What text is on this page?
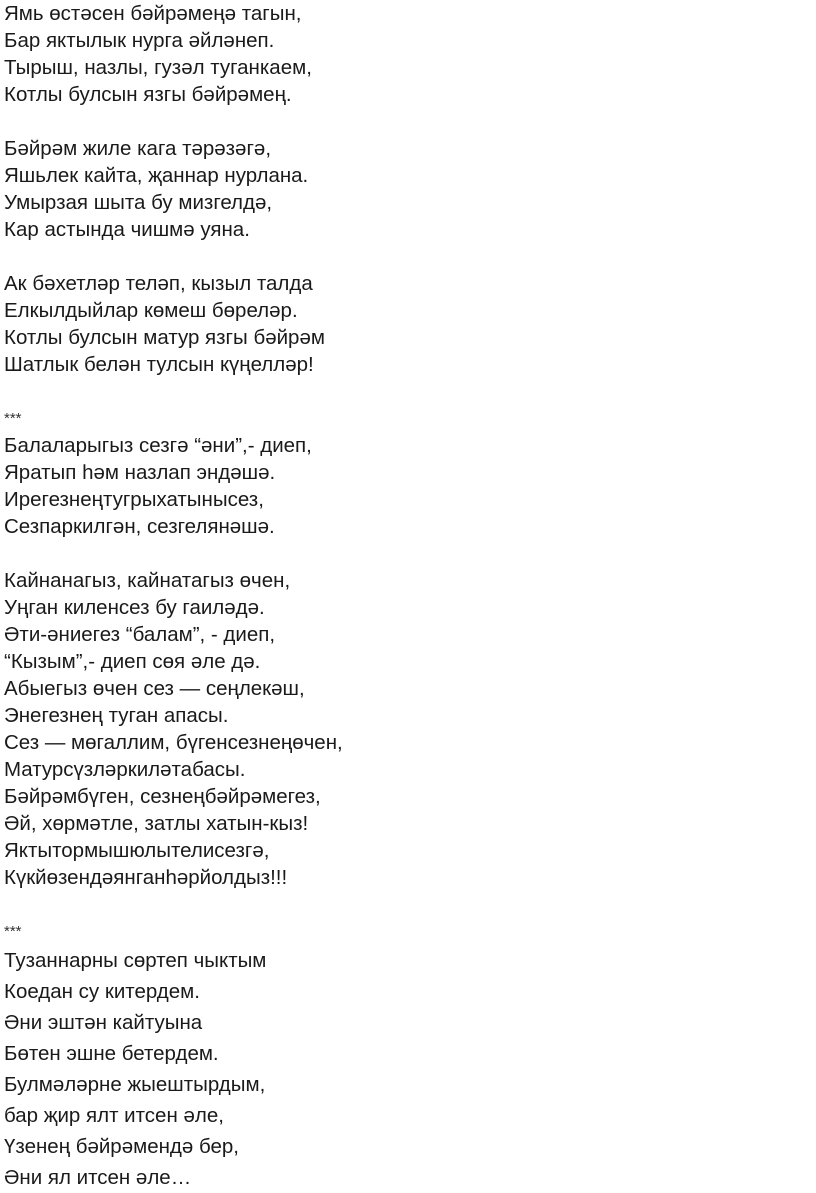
Ямь өстәсен бәйрәмеңә тагын,
Бар яктылык нурга әйләнеп.
Тырыш, назлы, гузәл туганкаем,
Котлы булсын язгы бәйрәмең.
Бәйрәм жиле кага тәрәзәгә,
Яшьлек кайта, җаннар нурлана.
Умырзая шыта бу мизгелдә,
Кар астында чишмә уяна.
Ак бәхетләр теләп, кызыл талда
Елкылдыйлар көмеш бөреләр.
Котлы булсын матур язгы бәйрәм
Шатлык белән тулсын күңелләр!
***
Балаларыгыз сезгә “әни”,- диеп,
Яратып һәм назлап эндәшә.
Ирегезнеңтугрыхатынысез,
Сезпаркилгән, сезгелянәшә.
Кайнанагыз, кайнатагыз өчен,
Уңган киленсез бу гаиләдә.
Әти-әниегез “балам”, - диеп,
“Кызым”,- диеп сөя әле дә.
Абыегыз өчен сез — сеңлекәш,
Энегезнең туган апасы.
Сез — мөгаллим, бүгенсезнеңөчен,
Матурсүзләркиләтабасы.
Бәйрәмбүген, сезнеңбәйрәмегез,
Әй, хөрмәтле, затлы хатын-кыз!
Яктытормышюлытелисезгә,
Күкйөзендәянганһәрйолдыз!!!
***
Тузаннарны сөртеп чыктым
Коедан су китердем.
Әни эштән кайтуына
Бөтен эшне бетердем.
Булмәләрне жыештырдым,
бар җир ялт итсен әле,
Үзенең бәйрәмендә бер,
Әни ял итсен әле…
